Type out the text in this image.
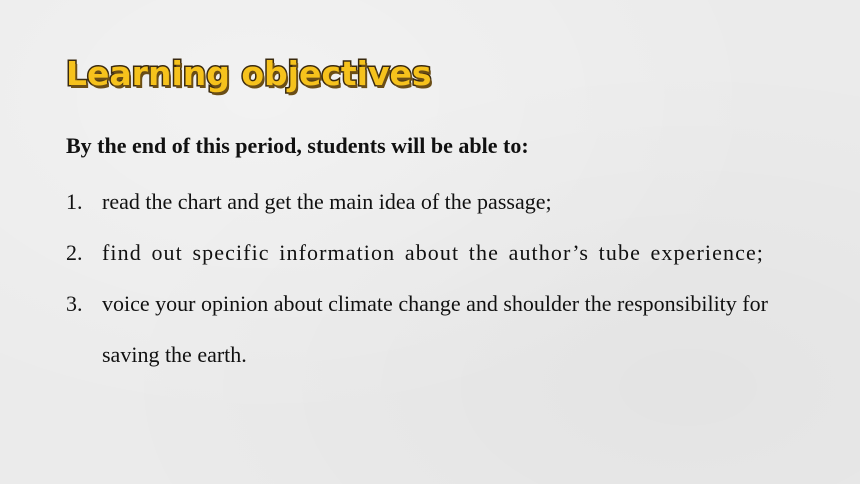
Learning objectives
By the end of this period, students will be able to:
1. read the chart and get the main idea of the passage;
2. find out specific information about the author’s tube experience;
3. voice your opinion about climate change and shoulder the responsibility for saving the earth.
